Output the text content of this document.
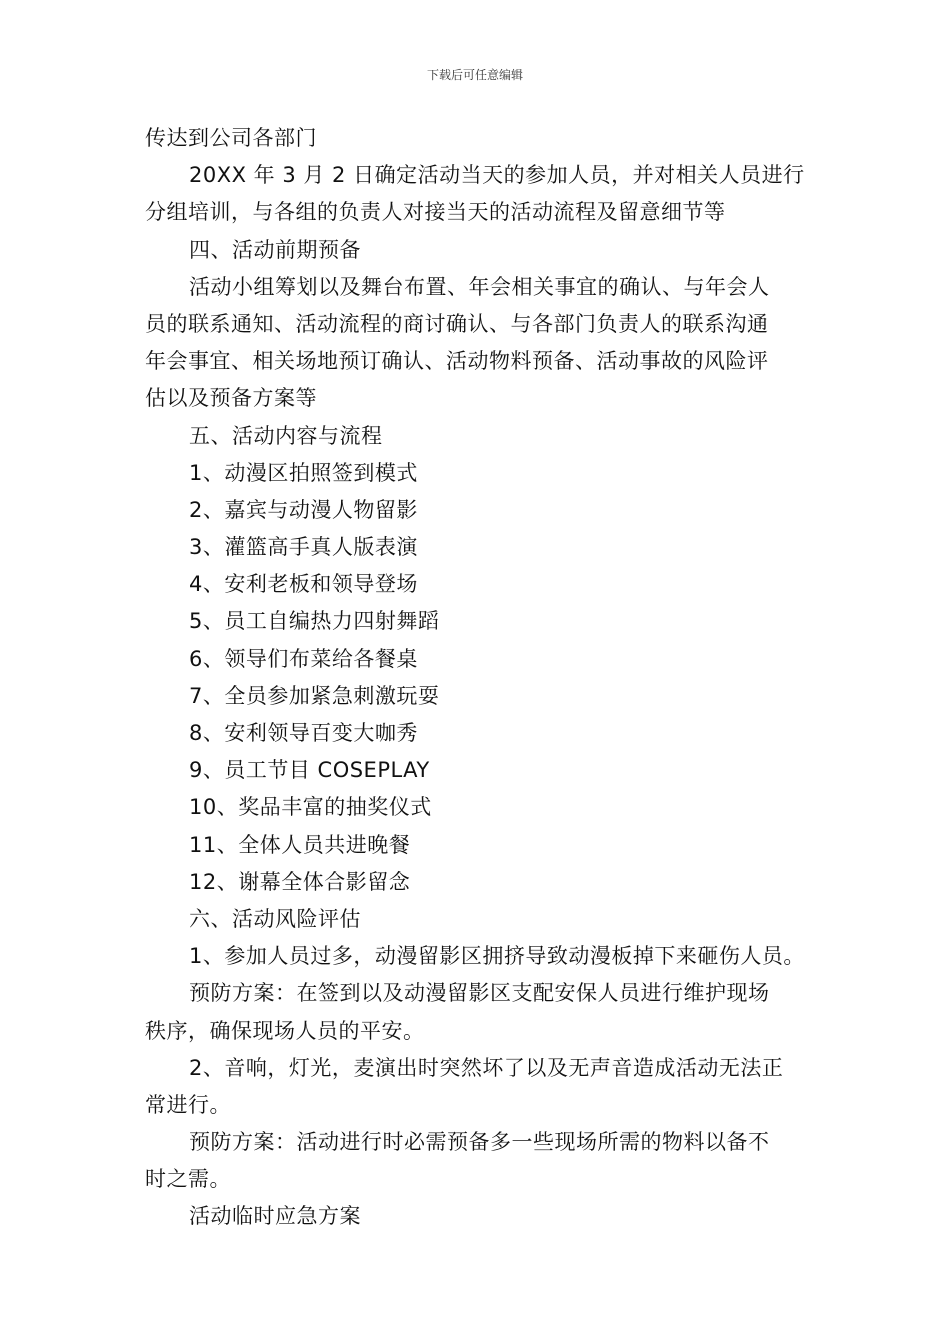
下载后可任意编辑
传达到公司各部门
20XX 年 3 月 2 日确定活动当天的参加人员，并对相关人员进行
分组培训，与各组的负责人对接当天的活动流程及留意细节等
四、活动前期预备
活动小组筹划以及舞台布置、年会相关事宜的确认、与年会人
员的联系通知、活动流程的商讨确认、与各部门负责人的联系沟通
年会事宜、相关场地预订确认、活动物料预备、活动事故的风险评
估以及预备方案等
五、活动内容与流程
1、动漫区拍照签到模式
2、嘉宾与动漫人物留影
3、灌篮高手真人版表演
4、安利老板和领导登场
5、员工自编热力四射舞蹈
6、领导们布菜给各餐桌
7、全员参加紧急刺激玩耍
8、安利领导百变大咖秀
9、员工节目 COSEPLAY
10、奖品丰富的抽奖仪式
11、全体人员共进晚餐
12、谢幕全体合影留念
六、活动风险评估
1、参加人员过多，动漫留影区拥挤导致动漫板掉下来砸伤人员。
预防方案：在签到以及动漫留影区支配安保人员进行维护现场
秩序，确保现场人员的平安。
2、音响，灯光，麦演出时突然坏了以及无声音造成活动无法正
常进行。
预防方案：活动进行时必需预备多一些现场所需的物料以备不
时之需。
活动临时应急方案
